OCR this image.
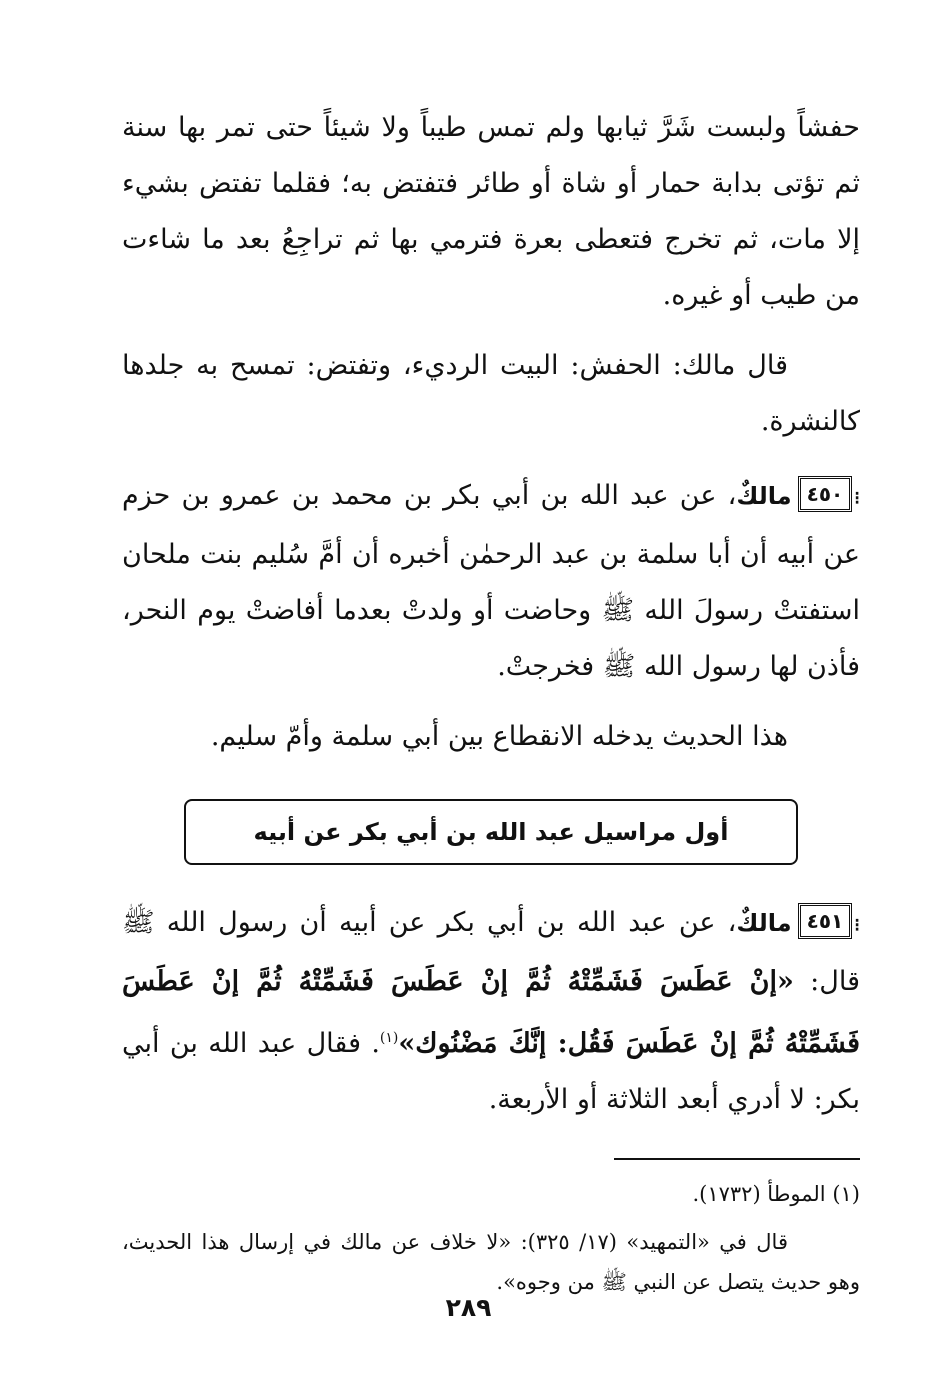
حفشاً ولبست شَرَّ ثيابها ولم تمس طيباً ولا شيئاً حتى تمر بها سنة ثم تؤتى بدابة حمار أو شاة أو طائر فتفتض به؛ فقلما تفتض بشيء إلا مات، ثم تخرج فتعطى بعرة فترمي بها ثم تراجِعُ بعد ما شاءت من طيب أو غيره.

قال مالك: الحفش: البيت الرديء، وتفتض: تمسح به جلدها كالنشرة.

⁝٤٥٠مالكٌ، عن عبد الله بن أبي بكر بن محمد بن عمرو بن حزم عن أبيه أن أبا سلمة بن عبد الرحمٰن أخبره أن أمَّ سُليم بنت ملحان استفتتْ رسولَ الله ﷺ وحاضت أو ولدتْ بعدما أفاضتْ يوم النحر، فأذن لها رسول الله ﷺ فخرجتْ.

هذا الحديث يدخله الانقطاع بين أبي سلمة وأمّ سليم.

أول مراسيل عبد الله بن أبي بكر عن أبيه

⁝٤٥١مالكٌ، عن عبد الله بن أبي بكر عن أبيه أن رسول الله ﷺ قال: «إنْ عَطَسَ فَشَمِّتْهُ ثُمَّ إنْ عَطَسَ فَشَمِّتْهُ ثُمَّ إنْ عَطَسَ فَشَمِّتْهُ ثُمَّ إنْ عَطَسَ فَقُل: إنَّكَ مَضْنُوك»$^{(١)}$. فقال عبد الله بن أبي بكر: لا أدري أبعد الثلاثة أو الأربعة.

(١) الموطأ (١٧٣٢).

قال في «التمهيد» (١٧/ ٣٢٥): «لا خلاف عن مالك في إرسال هذا الحديث، وهو حديث يتصل عن النبي ﷺ من وجوه».

٢٨٩
